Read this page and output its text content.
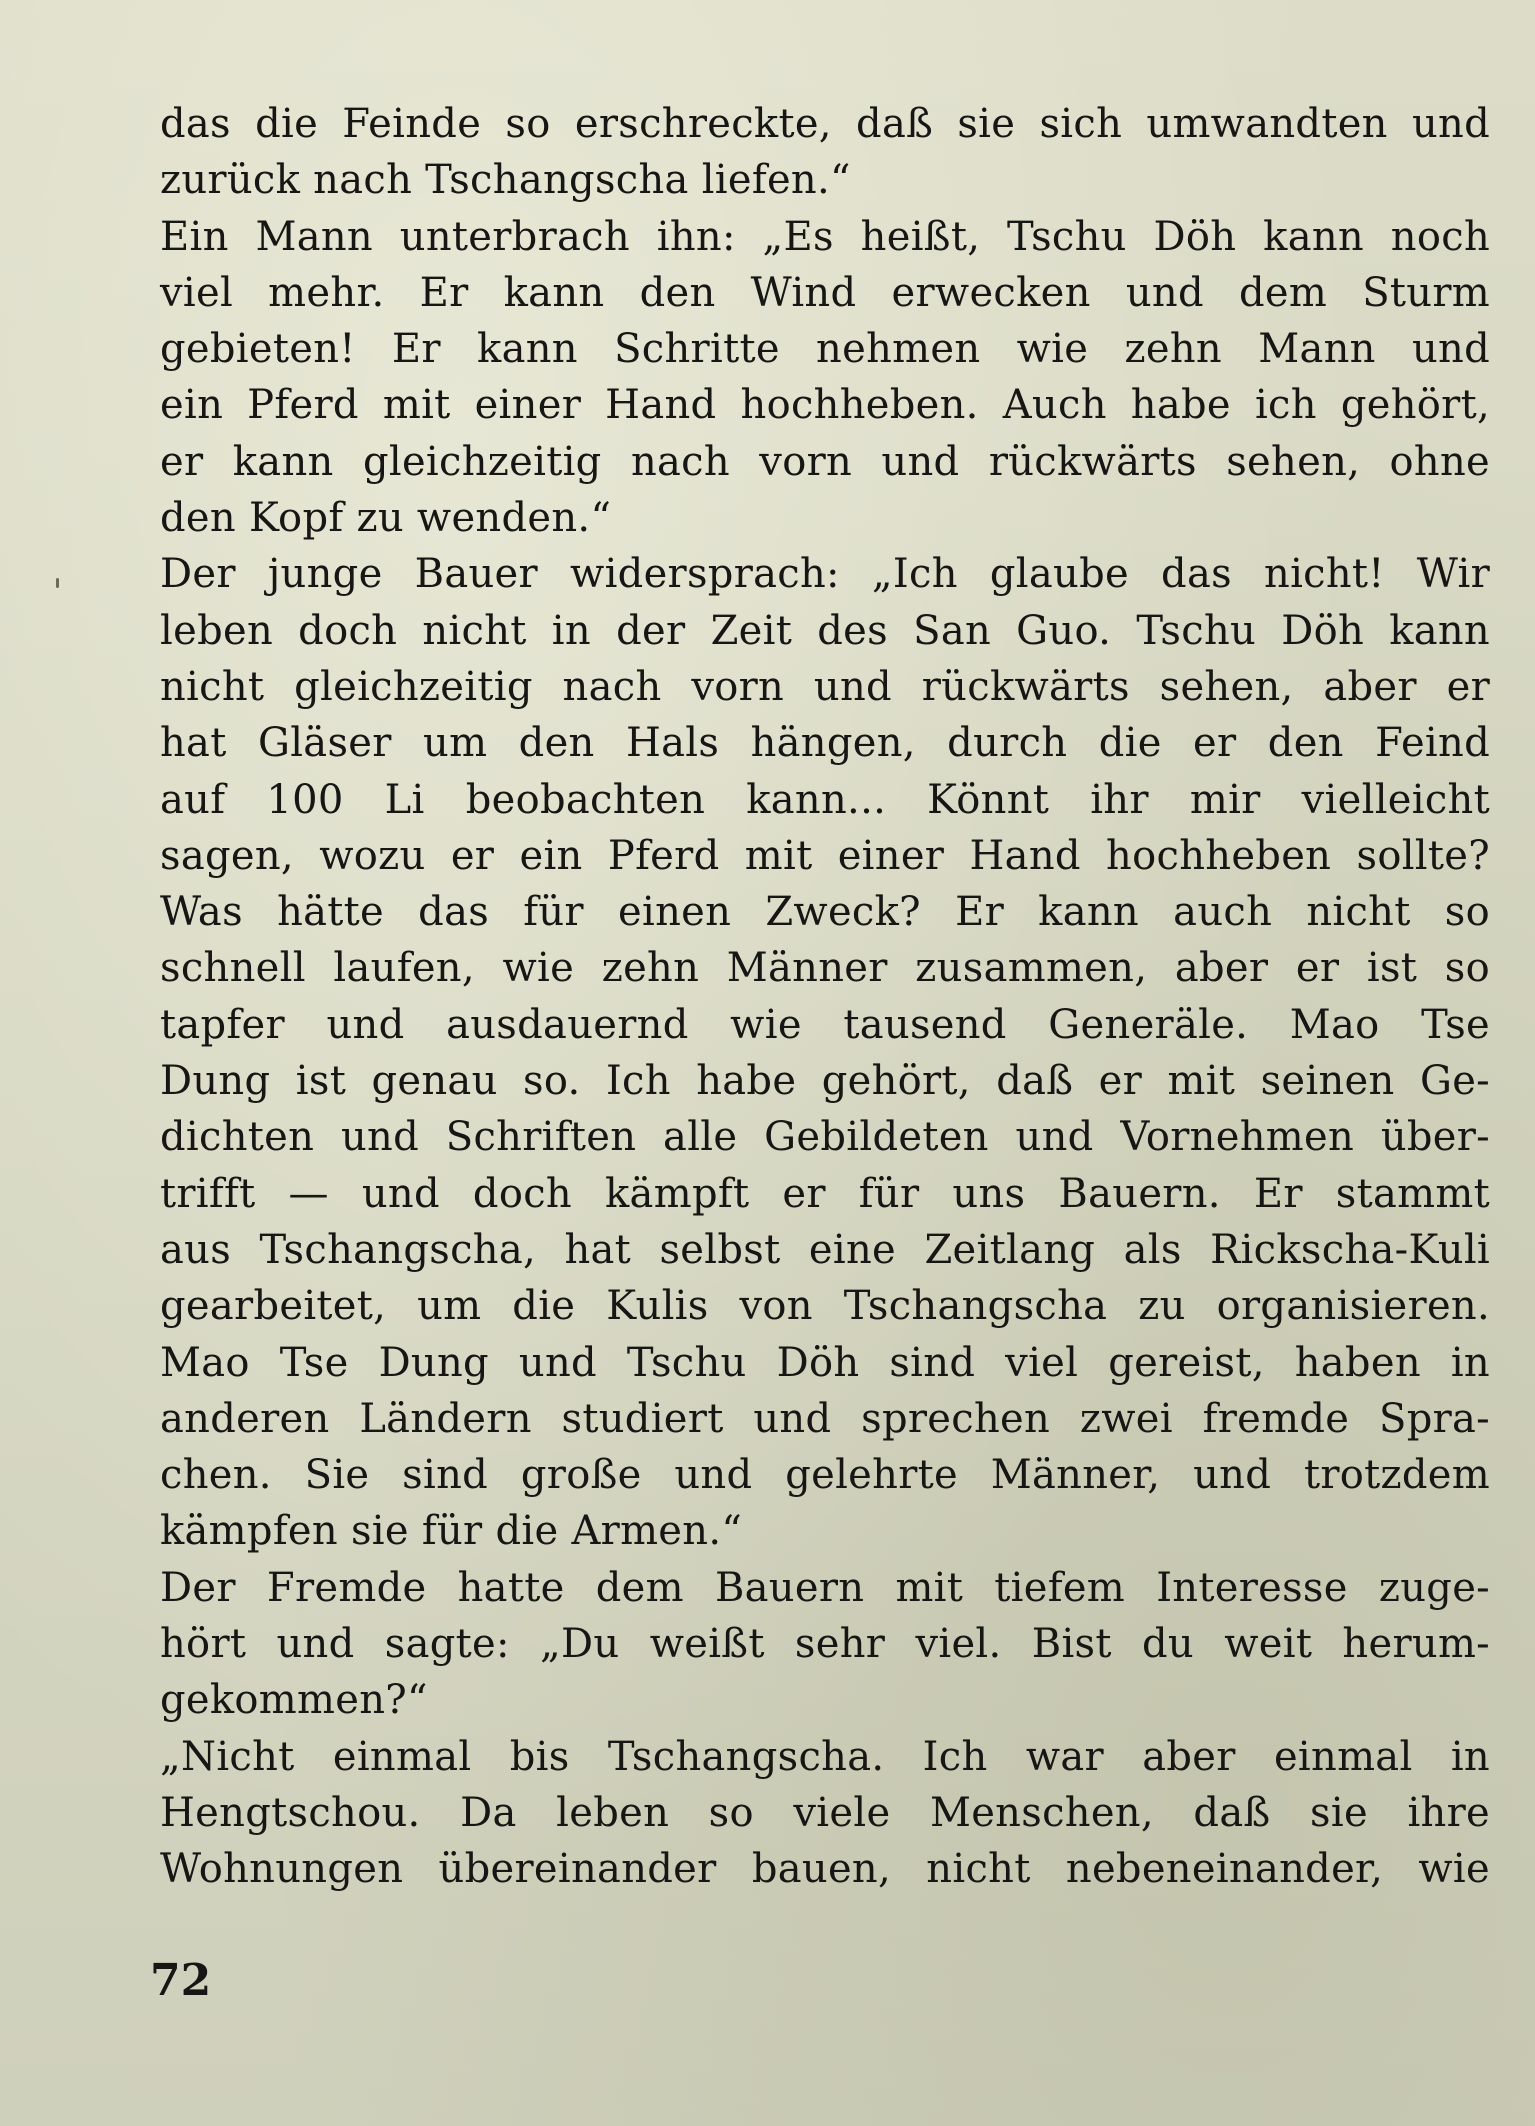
das die Feinde so erschreckte, daß sie sich umwandten und
zurück nach Tschangscha liefen.“
Ein Mann unterbrach ihn: „Es heißt, Tschu Döh kann noch
viel mehr. Er kann den Wind erwecken und dem Sturm
gebieten! Er kann Schritte nehmen wie zehn Mann und
ein Pferd mit einer Hand hochheben. Auch habe ich gehört,
er kann gleichzeitig nach vorn und rückwärts sehen, ohne
den Kopf zu wenden.“
Der junge Bauer widersprach: „Ich glaube das nicht! Wir
leben doch nicht in der Zeit des San Guo. Tschu Döh kann
nicht gleichzeitig nach vorn und rückwärts sehen, aber er
hat Gläser um den Hals hängen, durch die er den Feind
auf 100 Li beobachten kann... Könnt ihr mir vielleicht
sagen, wozu er ein Pferd mit einer Hand hochheben sollte?
Was hätte das für einen Zweck? Er kann auch nicht so
schnell laufen, wie zehn Männer zusammen, aber er ist so
tapfer und ausdauernd wie tausend Generäle. Mao Tse
Dung ist genau so. Ich habe gehört, daß er mit seinen Ge-
dichten und Schriften alle Gebildeten und Vornehmen über-
trifft — und doch kämpft er für uns Bauern. Er stammt
aus Tschangscha, hat selbst eine Zeitlang als Rickscha-Kuli
gearbeitet, um die Kulis von Tschangscha zu organisieren.
Mao Tse Dung und Tschu Döh sind viel gereist, haben in
anderen Ländern studiert und sprechen zwei fremde Spra-
chen. Sie sind große und gelehrte Männer, und trotzdem
kämpfen sie für die Armen.“
Der Fremde hatte dem Bauern mit tiefem Interesse zuge-
hört und sagte: „Du weißt sehr viel. Bist du weit herum-
gekommen?“
„Nicht einmal bis Tschangscha. Ich war aber einmal in
Hengtschou. Da leben so viele Menschen, daß sie ihre
Wohnungen übereinander bauen, nicht nebeneinander, wie
72
